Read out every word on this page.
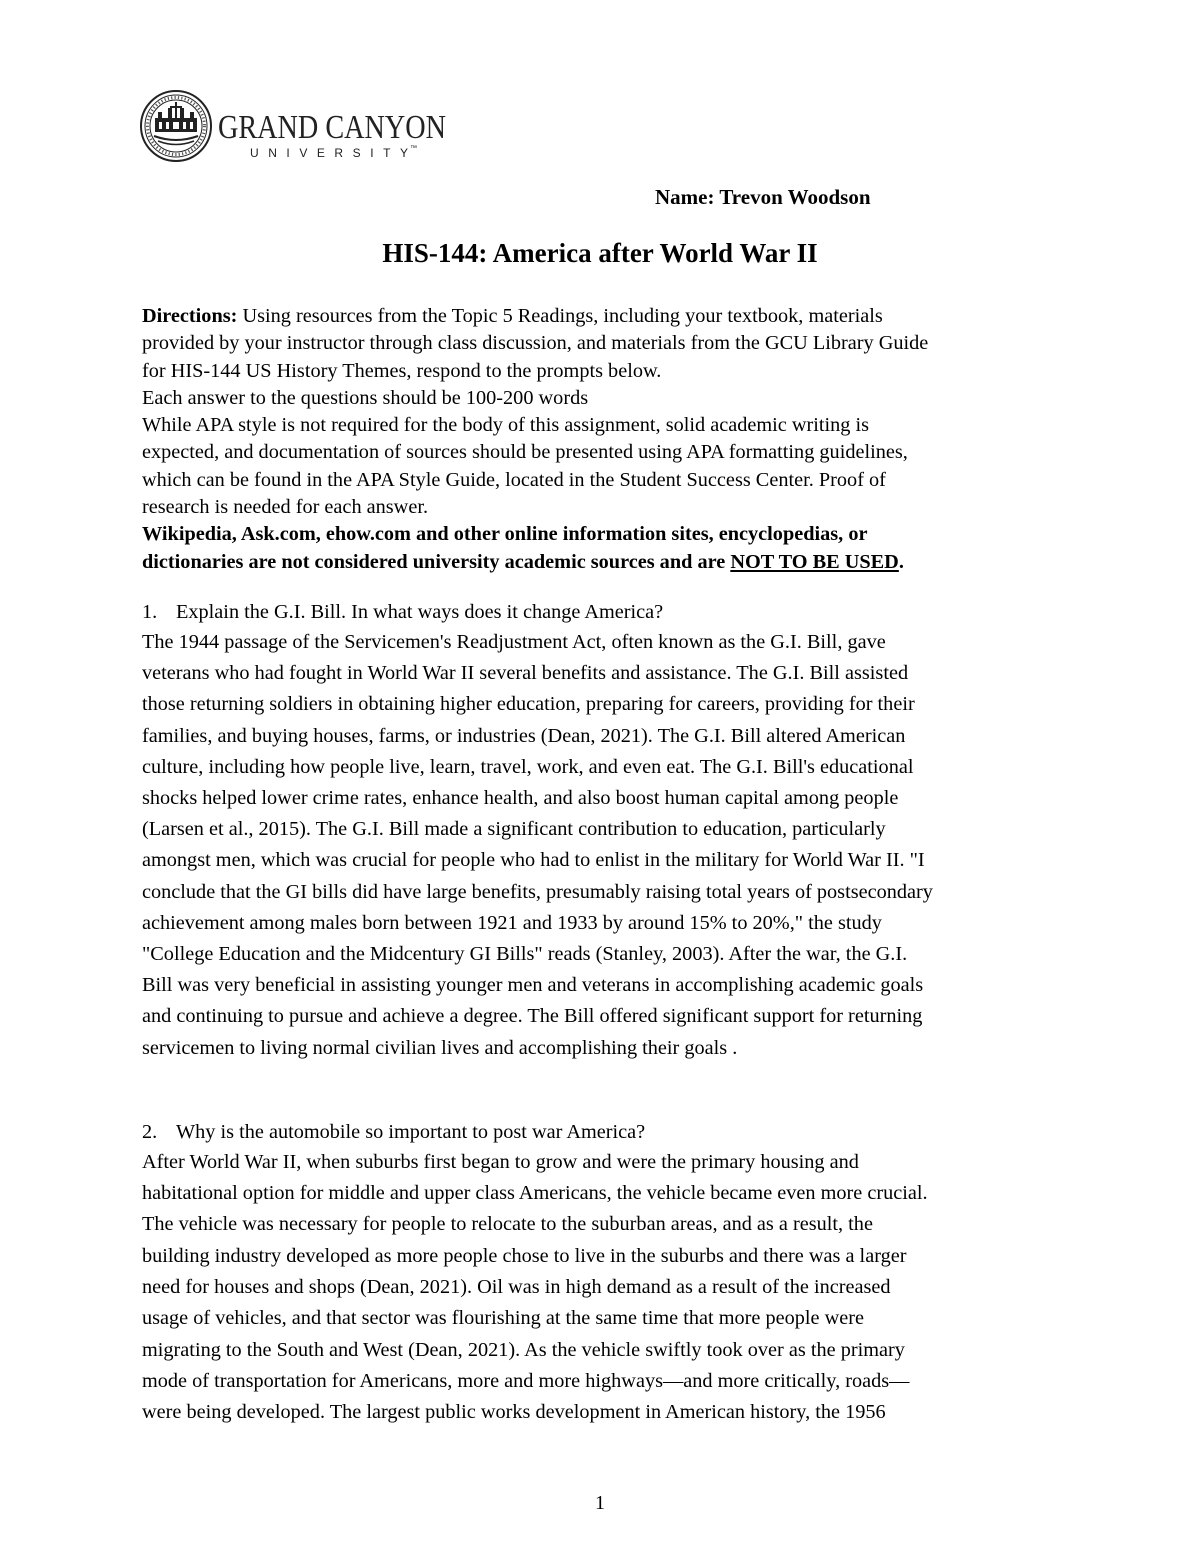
GRAND CANYON
UNIVERSITY ™
Name: Trevon Woodson
HIS-144: America after World War II
Directions: Using resources from the Topic 5 Readings, including your textbook, materials
provided by your instructor through class discussion, and materials from the GCU Library Guide
for HIS-144 US History Themes, respond to the prompts below.
Each answer to the questions should be 100-200 words
While APA style is not required for the body of this assignment, solid academic writing is
expected, and documentation of sources should be presented using APA formatting guidelines,
which can be found in the APA Style Guide, located in the Student Success Center. Proof of
research is needed for each answer.
Wikipedia, Ask.com, ehow.com and other online information sites, encyclopedias, or
dictionaries are not considered university academic sources and are NOT TO BE USED.
1. Explain the G.I. Bill. In what ways does it change America?
The 1944 passage of the Servicemen's Readjustment Act, often known as the G.I. Bill, gave
veterans who had fought in World War II several benefits and assistance. The G.I. Bill assisted
those returning soldiers in obtaining higher education, preparing for careers, providing for their
families, and buying houses, farms, or industries (Dean, 2021). The G.I. Bill altered American
culture, including how people live, learn, travel, work, and even eat. The G.I. Bill's educational
shocks helped lower crime rates, enhance health, and also boost human capital among people
(Larsen et al., 2015). The G.I. Bill made a significant contribution to education, particularly
amongst men, which was crucial for people who had to enlist in the military for World War II. "I
conclude that the GI bills did have large benefits, presumably raising total years of postsecondary
achievement among males born between 1921 and 1933 by around 15% to 20%," the study
"College Education and the Midcentury GI Bills" reads (Stanley, 2003). After the war, the G.I.
Bill was very beneficial in assisting younger men and veterans in accomplishing academic goals
and continuing to pursue and achieve a degree. The Bill offered significant support for returning
servicemen to living normal civilian lives and accomplishing their goals .
2. Why is the automobile so important to post war America?
After World War II, when suburbs first began to grow and were the primary housing and
habitational option for middle and upper class Americans, the vehicle became even more crucial.
The vehicle was necessary for people to relocate to the suburban areas, and as a result, the
building industry developed as more people chose to live in the suburbs and there was a larger
need for houses and shops (Dean, 2021). Oil was in high demand as a result of the increased
usage of vehicles, and that sector was flourishing at the same time that more people were
migrating to the South and West (Dean, 2021). As the vehicle swiftly took over as the primary
mode of transportation for Americans, more and more highways—and more critically, roads—
were being developed. The largest public works development in American history, the 1956
1
